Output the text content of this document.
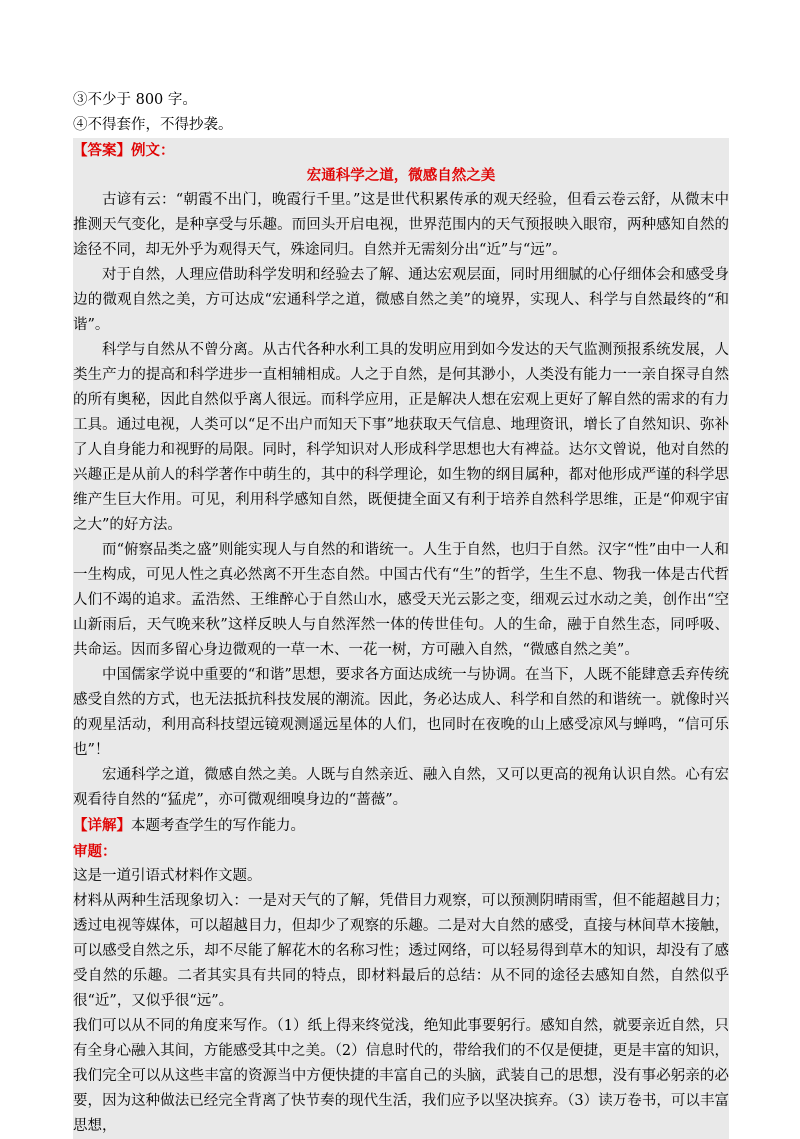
③不少于 800 字。

④不得套作，不得抄袭。

【答案】例文：

宏通科学之道，微感自然之美

古谚有云：“朝霞不出门，晚霞行千里。”这是世代积累传承的观天经验，但看云卷云舒，从微末中推测天气变化，是种享受与乐趣。而回头开启电视，世界范围内的天气预报映入眼帘，两种感知自然的途径不同，却无外乎为观得天气，殊途同归。自然并无需刻分出“近”与“远”。

对于自然，人理应借助科学发明和经验去了解、通达宏观层面，同时用细腻的心仔细体会和感受身边的微观自然之美，方可达成“宏通科学之道，微感自然之美”的境界，实现人、科学与自然最终的“和谐”。

科学与自然从不曾分离。从古代各种水利工具的发明应用到如今发达的天气监测预报系统发展，人类生产力的提高和科学进步一直相辅相成。人之于自然，是何其渺小，人类没有能力一一亲自探寻自然的所有奥秘，因此自然似乎离人很远。而科学应用，正是解决人想在宏观上更好了解自然的需求的有力工具。通过电视，人类可以“足不出户而知天下事”地获取天气信息、地理资讯，增长了自然知识、弥补了人自身能力和视野的局限。同时，科学知识对人形成科学思想也大有裨益。达尔文曾说，他对自然的兴趣正是从前人的科学著作中萌生的，其中的科学理论，如生物的纲目属种，都对他形成严谨的科学思维产生巨大作用。可见，利用科学感知自然，既便捷全面又有利于培养自然科学思维，正是“仰观宇宙之大”的好方法。

而“俯察品类之盛”则能实现人与自然的和谐统一。人生于自然，也归于自然。汉字“性”由中一人和一生构成，可见人性之真必然离不开生态自然。中国古代有“生”的哲学，生生不息、物我一体是古代哲人们不竭的追求。孟浩然、王维醉心于自然山水，感受天光云影之变，细观云过水动之美，创作出“空山新雨后，天气晚来秋”这样反映人与自然浑然一体的传世佳句。人的生命，融于自然生态，同呼吸、共命运。因而多留心身边微观的一草一木、一花一树，方可融入自然，“微感自然之美”。

中国儒家学说中重要的“和谐”思想，要求各方面达成统一与协调。在当下，人既不能肆意丢弃传统感受自然的方式，也无法抵抗科技发展的潮流。因此，务必达成人、科学和自然的和谐统一。就像时兴的观星活动，利用高科技望远镜观测遥远星体的人们，也同时在夜晚的山上感受凉风与蝉鸣，“信可乐也”！

宏通科学之道，微感自然之美。人既与自然亲近、融入自然，又可以更高的视角认识自然。心有宏观看待自然的“猛虎”，亦可微观细嗅身边的“蔷薇”。

【详解】本题考查学生的写作能力。

审题：

这是一道引语式材料作文题。

材料从两种生活现象切入：一是对天气的了解，凭借目力观察，可以预测阴晴雨雪，但不能超越目力；透过电视等媒体，可以超越目力，但却少了观察的乐趣。二是对大自然的感受，直接与林间草木接触，可以感受自然之乐，却不尽能了解花木的名称习性；透过网络，可以轻易得到草木的知识，却没有了感受自然的乐趣。二者其实具有共同的特点，即材料最后的总结：从不同的途径去感知自然，自然似乎很“近”，又似乎很“远”。

我们可以从不同的角度来写作。（1）纸上得来终觉浅，绝知此事要躬行。感知自然，就要亲近自然，只有全身心融入其间，方能感受其中之美。（2）信息时代的，带给我们的不仅是便捷，更是丰富的知识，我们完全可以从这些丰富的资源当中方便快捷的丰富自己的头脑，武装自己的思想，没有事必躬亲的必要，因为这种做法已经完全背离了快节奏的现代生活，我们应予以坚决摈弃。（3）读万卷书，可以丰富思想，
